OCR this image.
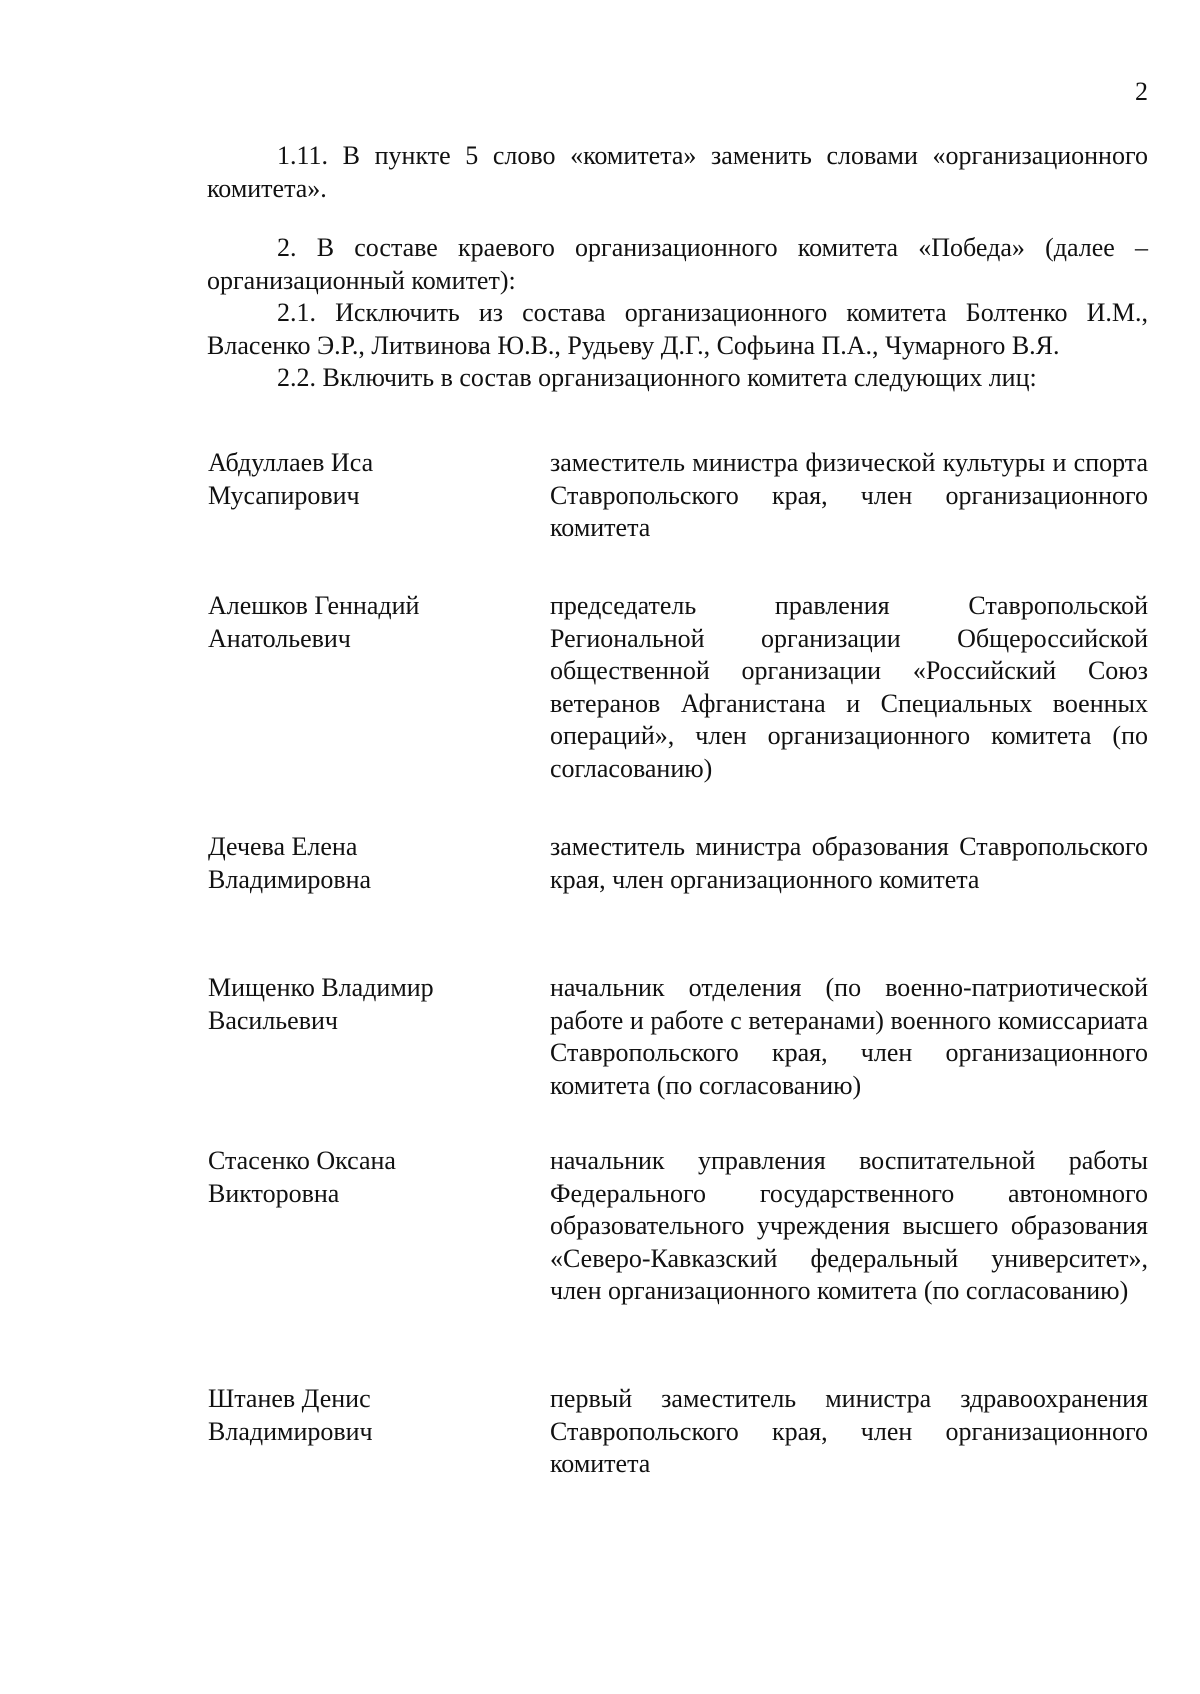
2

1.11. В пункте 5 слово «комитета» заменить словами «организационного комитета».

2. В составе краевого организационного комитета «Победа» (далее – организационный комитет):

2.1. Исключить из состава организационного комитета Болтенко И.М., Власенко Э.Р., Литвинова Ю.В., Рудьеву Д.Г., Софьина П.А., Чумарного В.Я.

2.2. Включить в состав организационного комитета следующих лиц:

Абдуллаев Иса
Мусапирович
заместитель министра физической культуры и спорта Ставропольского края, член организационного комитета
Алешков Геннадий
Анатольевич
председатель правления Ставропольской Региональной организации Общероссийской общественной организации «Российский Союз ветеранов Афганистана и Специальных военных операций», член организационного комитета (по согласованию)
Дечева Елена
Владимировна
заместитель министра образования Ставропольского края, член организационного комитета
Мищенко Владимир
Васильевич
начальник отделения (по военно-патриотической работе и работе с ветеранами) военного комиссариата Ставропольского края, член организационного комитета (по согласованию)
Стасенко Оксана
Викторовна
начальник управления воспитательной работы Федерального государственного автономного образовательного учреждения высшего образования «Северо-Кавказский федеральный университет», член организационного комитета (по согласованию)
Штанев Денис
Владимирович
первый заместитель министра здравоохранения Ставропольского края, член организационного комитета
